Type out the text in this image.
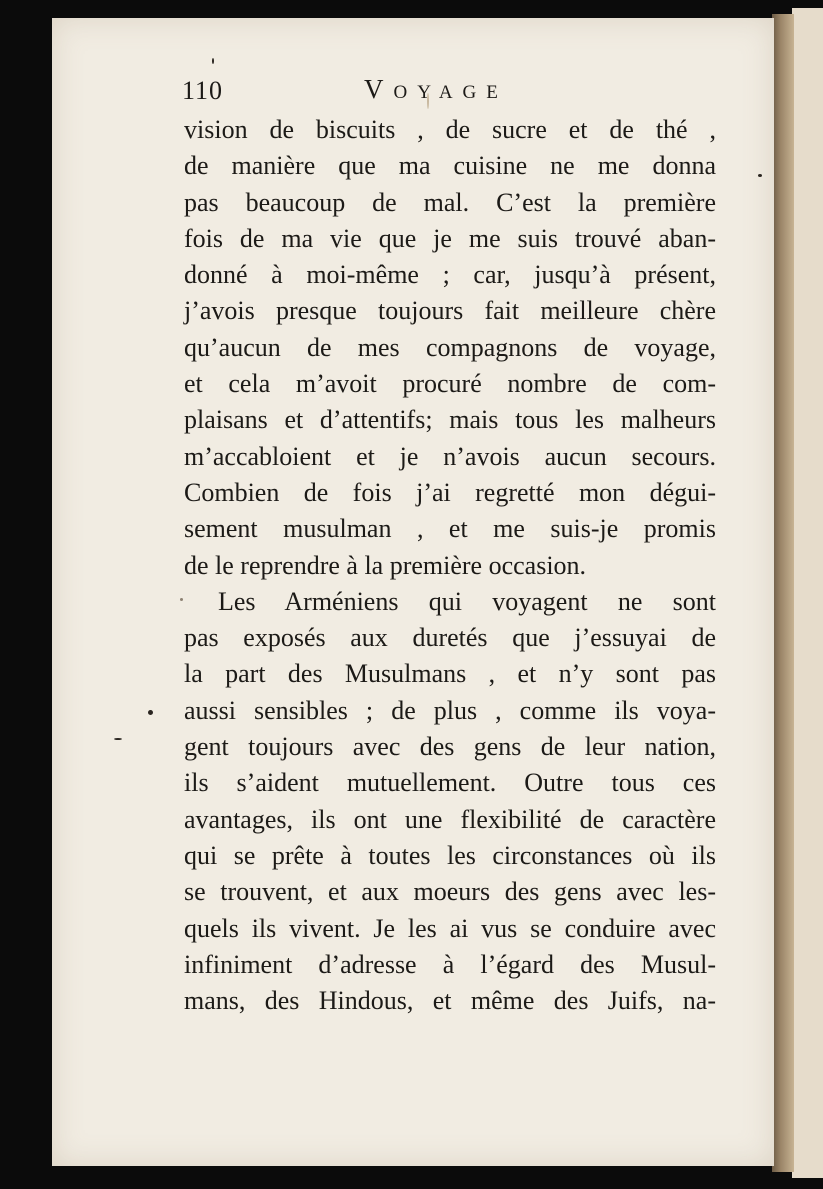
110	Voyage
vision de biscuits , de sucre et de thé ,
de manière que ma cuisine ne me donna
pas beaucoup de mal. C’est la première
fois de ma vie que je me suis trouvé aban-
donné à moi-même ; car, jusqu’à présent,
j’avois presque toujours fait meilleure chère
qu’aucun de mes compagnons de voyage,
et cela m’avoit procuré nombre de com-
plaisans et d’attentifs; mais tous les malheurs
m’accabloient et je n’avois aucun secours.
Combien de fois j’ai regretté mon dégui-
sement musulman , et me suis-je promis
de le reprendre à la première occasion.
Les Arméniens qui voyagent ne sont
pas exposés aux duretés que j’essuyai de
la part des Musulmans , et n’y sont pas
aussi sensibles ; de plus , comme ils voya-
gent toujours avec des gens de leur nation,
ils s’aident mutuellement. Outre tous ces
avantages, ils ont une flexibilité de caractère
qui se prête à toutes les circonstances où ils
se trouvent, et aux moeurs des gens avec les-
quels ils vivent. Je les ai vus se conduire avec
infiniment d’adresse à l’égard des Musul-
mans, des Hindous, et même des Juifs, na-
